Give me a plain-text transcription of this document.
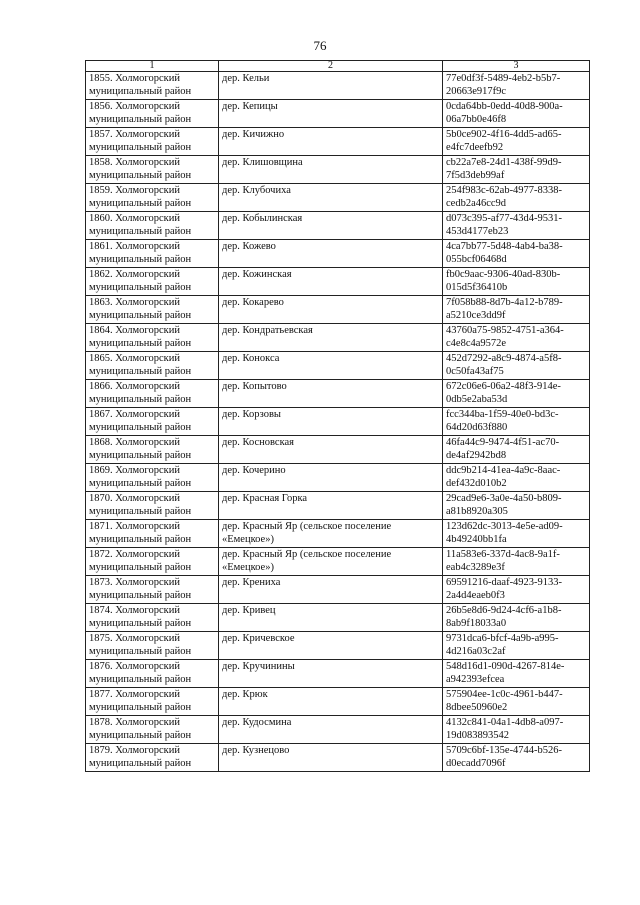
76
1	2	3
1855. Холмогорский
муниципальный район	дер. Кельи	77e0df3f-5489-4eb2-b5b7-
20663e917f9c
1856. Холмогорский
муниципальный район	дер. Кепицы	0cda64bb-0edd-40d8-900a-
06a7bb0e46f8
1857. Холмогорский
муниципальный район	дер. Кичижно	5b0ce902-4f16-4dd5-ad65-
e4fc7deefb92
1858. Холмогорский
муниципальный район	дер. Клишовщина	cb22a7e8-24d1-438f-99d9-
7f5d3deb99af
1859. Холмогорский
муниципальный район	дер. Клубочиха	254f983c-62ab-4977-8338-
cedb2a46cc9d
1860. Холмогорский
муниципальный район	дер. Кобылинская	d073c395-af77-43d4-9531-
453d4177eb23
1861. Холмогорский
муниципальный район	дер. Кожево	4ca7bb77-5d48-4ab4-ba38-
055bcf06468d
1862. Холмогорский
муниципальный район	дер. Кожинская	fb0c9aac-9306-40ad-830b-
015d5f36410b
1863. Холмогорский
муниципальный район	дер. Кокарево	7f058b88-8d7b-4a12-b789-
a5210ce3dd9f
1864. Холмогорский
муниципальный район	дер. Кондратьевская	43760a75-9852-4751-a364-
c4e8c4a9572e
1865. Холмогорский
муниципальный район	дер. Конокса	452d7292-a8c9-4874-a5f8-
0c50fa43af75
1866. Холмогорский
муниципальный район	дер. Копытово	672c06e6-06a2-48f3-914e-
0db5e2aba53d
1867. Холмогорский
муниципальный район	дер. Корзовы	fcc344ba-1f59-40e0-bd3c-
64d20d63f880
1868. Холмогорский
муниципальный район	дер. Косновская	46fa44c9-9474-4f51-ac70-
de4af2942bd8
1869. Холмогорский
муниципальный район	дер. Кочерино	ddc9b214-41ea-4a9c-8aac-
def432d010b2
1870. Холмогорский
муниципальный район	дер. Красная Горка	29cad9e6-3a0e-4a50-b809-
a81b8920a305
1871. Холмогорский
муниципальный район	дер. Красный Яр (сельское поселение
«Емецкое»)	123d62dc-3013-4e5e-ad09-
4b49240bb1fa
1872. Холмогорский
муниципальный район	дер. Красный Яр (сельское поселение
«Емецкое»)	11a583e6-337d-4ac8-9a1f-
eab4c3289e3f
1873. Холмогорский
муниципальный район	дер. Крениха	69591216-daaf-4923-9133-
2a4d4eaeb0f3
1874. Холмогорский
муниципальный район	дер. Кривец	26b5e8d6-9d24-4cf6-a1b8-
8ab9f18033a0
1875. Холмогорский
муниципальный район	дер. Кричевское	9731dca6-bfcf-4a9b-a995-
4d216a03c2af
1876. Холмогорский
муниципальный район	дер. Кручинины	548d16d1-090d-4267-814e-
a942393efcea
1877. Холмогорский
муниципальный район	дер. Крюк	575904ee-1c0c-4961-b447-
8dbee50960e2
1878. Холмогорский
муниципальный район	дер. Кудосмина	4132c841-04a1-4db8-a097-
19d083893542
1879. Холмогорский
муниципальный район	дер. Кузнецово	5709c6bf-135e-4744-b526-
d0ecadd7096f
